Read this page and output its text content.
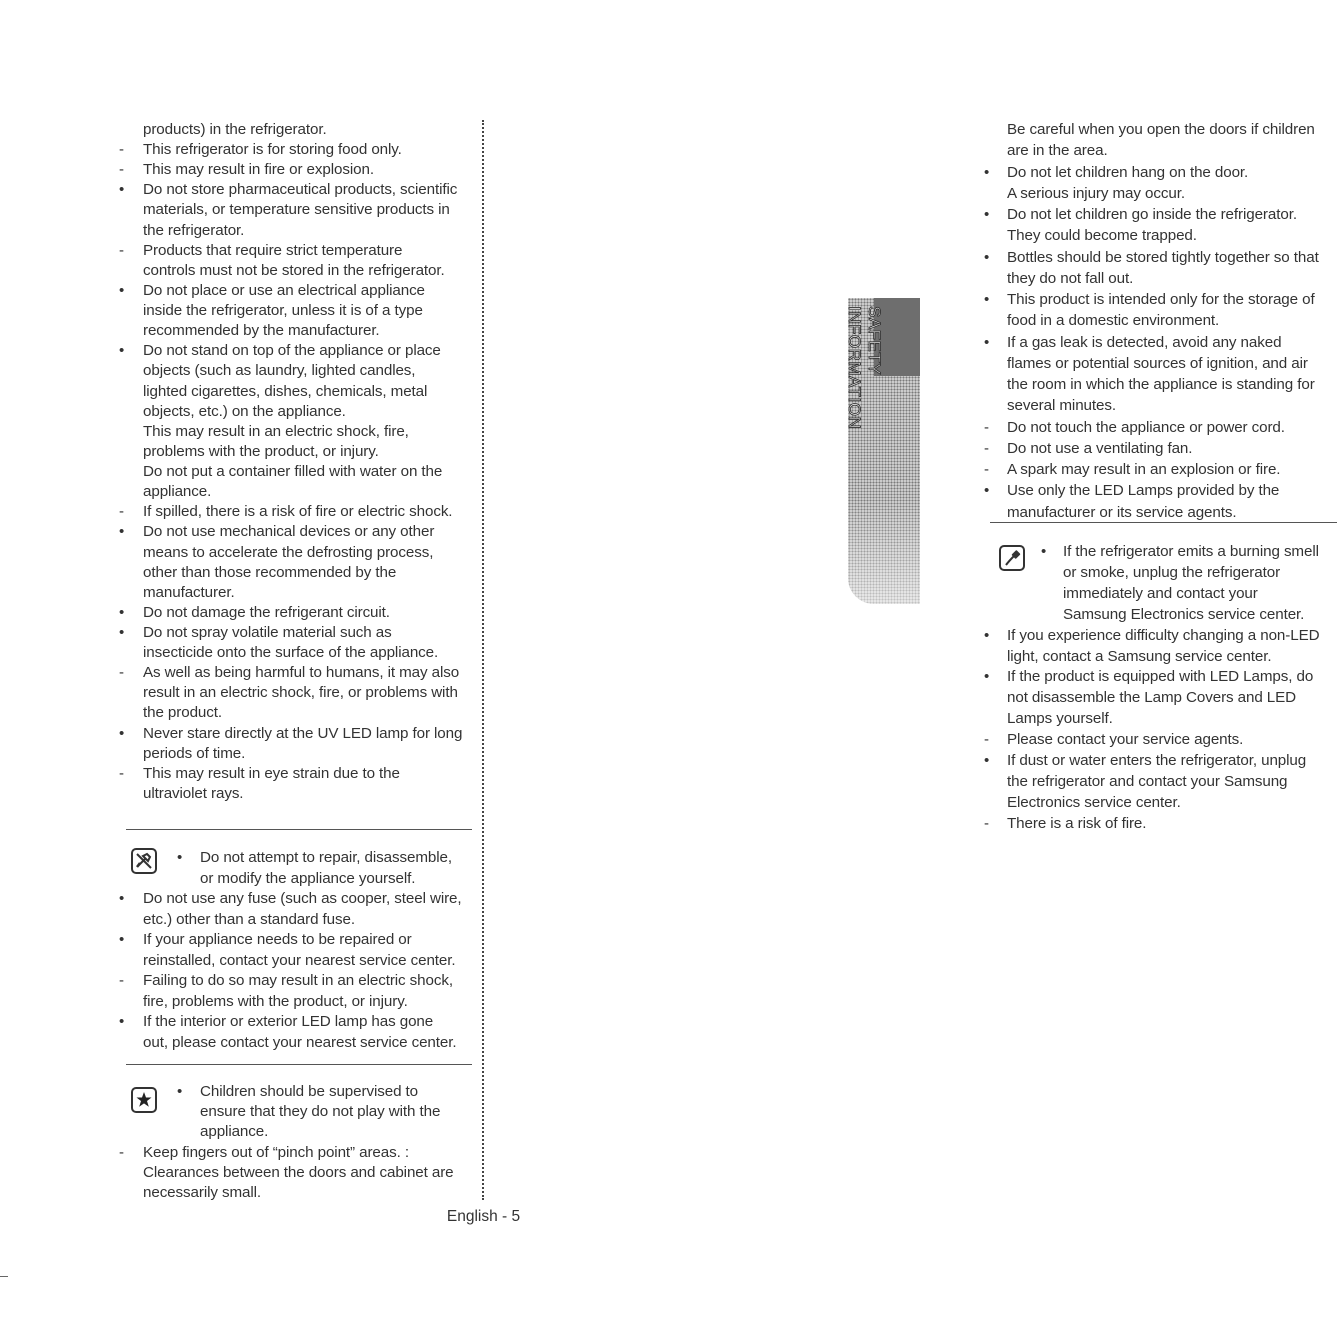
products) in the refrigerator.
This refrigerator is for storing food only.
-
This may result in fire or explosion.
-
Do not store pharmaceutical products, scientific
•
materials, or temperature sensitive products in
the refrigerator.
Products that require strict temperature
-
controls must not be stored in the refrigerator.
Do not place or use an electrical appliance
•
inside the refrigerator, unless it is of a type
recommended by the manufacturer.
Do not stand on top of the appliance or place
•
objects (such as laundry, lighted candles,
lighted cigarettes, dishes, chemicals, metal
objects, etc.) on the appliance.
This may result in an electric shock, fire,
problems with the product, or injury.
Do not put a container filled with water on the
appliance.
If spilled, there is a risk of fire or electric shock.
-
Do not use mechanical devices or any other
•
means to accelerate the defrosting process,
other than those recommended by the
manufacturer.
Do not damage the refrigerant circuit.
•
Do not spray volatile material such as
•
insecticide onto the surface of the appliance.
As well as being harmful to humans, it may also
-
result in an electric shock, fire, or problems with
the product.
Never stare directly at the UV LED lamp for long
•
periods of time.
This may result in eye strain due to the
-
ultraviolet rays.
Do not attempt to repair, disassemble,
•
or modify the appliance yourself.
Do not use any fuse (such as cooper, steel wire,
•
etc.) other than a standard fuse.
If your appliance needs to be repaired or
•
reinstalled, contact your nearest service center.
Failing to do so may result in an electric shock,
-
fire, problems with the product, or injury.
If the interior or exterior LED lamp has gone
•
out, please contact your nearest service center.
Children should be supervised to
•
ensure that they do not play with the
appliance.
Keep fingers out of “pinch point” areas. :
-
Clearances between the doors and cabinet are
necessarily small.
Be careful when you open the doors if children
are in the area.
Do not let children hang on the door.
•
A serious injury may occur.
Do not let children go inside the refrigerator.
•
They could become trapped.
Bottles should be stored tightly together so that
•
they do not fall out.
This product is intended only for the storage of
•
food in a domestic environment.
If a gas leak is detected, avoid any naked
•
flames or potential sources of ignition, and air
the room in which the appliance is standing for
several minutes.
Do not touch the appliance or power cord.
-
Do not use a ventilating fan.
-
A spark may result in an explosion or fire.
-
Use only the LED Lamps provided by the
•
manufacturer or its service agents.
If the refrigerator emits a burning smell
•
or smoke, unplug the refrigerator
immediately and contact your
Samsung Electronics service center.
If you experience difficulty changing a non-LED
•
light, contact a Samsung service center.
If the product is equipped with LED Lamps, do
•
not disassemble the Lamp Covers and LED
Lamps yourself.
Please contact your service agents.
-
If dust or water enters the refrigerator, unplug
•
the refrigerator and contact your Samsung
Electronics service center.
There is a risk of fire.
-
SAFETY INFORMATION
English - 5
